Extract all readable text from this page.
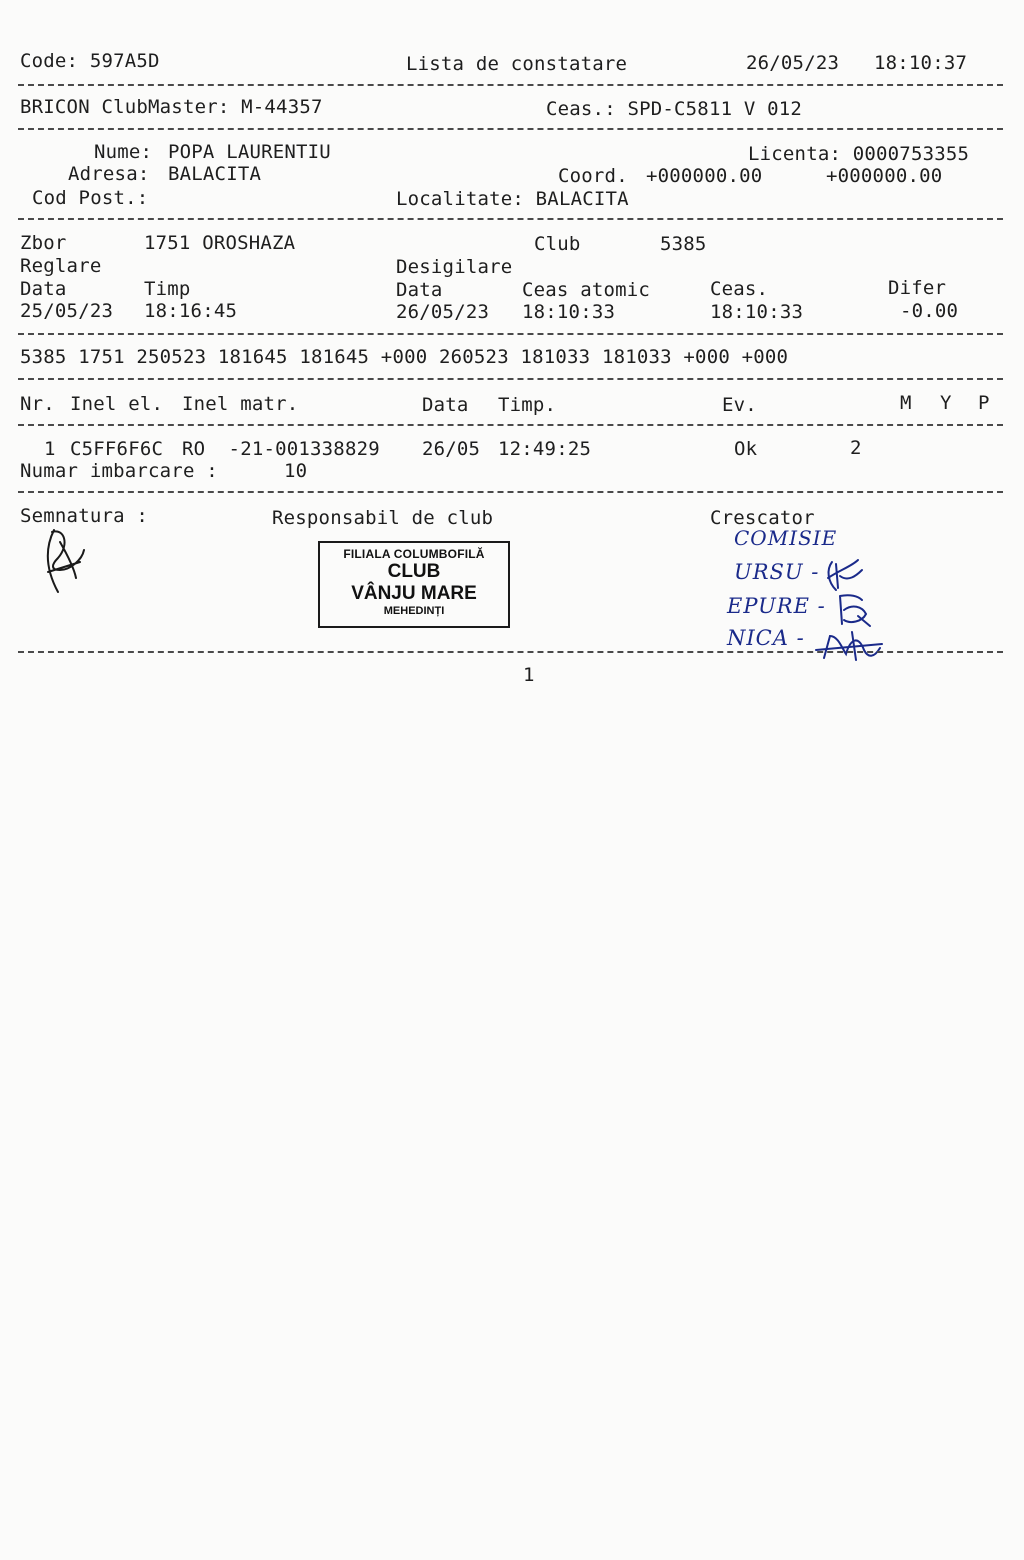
Code: 597A5D	Lista de constatare	26/05/23 18:10:37
BRICON ClubMaster: M-44357	Ceas.: SPD-C5811 V 012
Nume: POPA LAURENTIU	Licenta: 0000753355
Adresa: BALACITA	Coord. +000000.00	+000000.00
Cod Post.:	Localitate: BALACITA
Zbor	1751 OROSHAZA	Club	5385
Reglare	Desigilare
Data	Timp	Data	Ceas atomic	Ceas.	Difer
25/05/23 18:16:45	26/05/23 18:10:33	18:10:33	-0.00
5385 1751 250523 181645 181645 +000 260523 181033 181033 +000 +000
Nr. Inel el. Inel matr.	Data Timp.	Ev.	M Y P
1 C5FF6F6C RO  -21-001338829 26/05 12:49:25	Ok	2
Numar imbarcare :	10
Semnatura :	Responsabil de club	Crescator
FILIALA COLUMBOFILĂ
CLUB
VÂNJU MARE
MEHEDINȚI
COMISIE
URSU -
EPURE -
NICA -
1
